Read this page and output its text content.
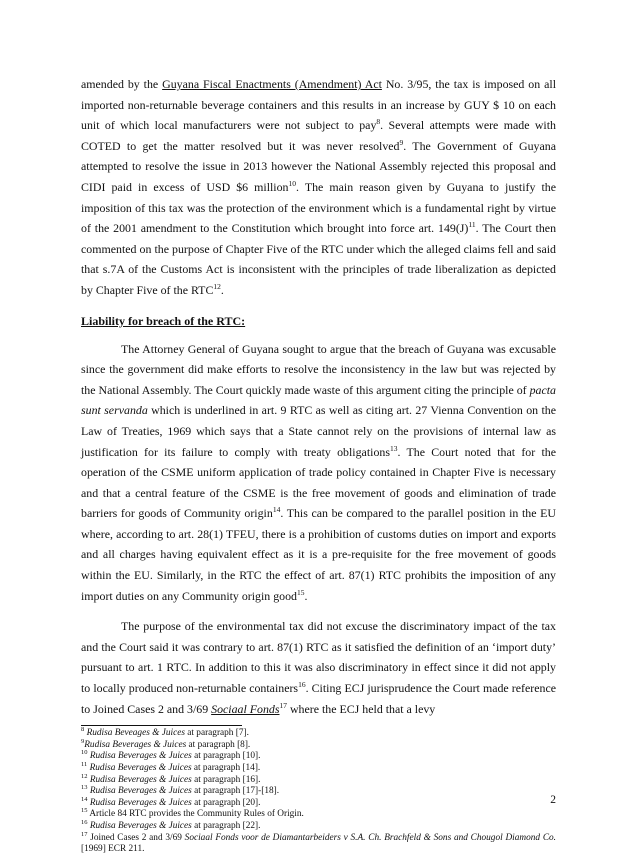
amended by the Guyana Fiscal Enactments (Amendment) Act No. 3/95, the tax is imposed on all imported non-returnable beverage containers and this results in an increase by GUY $ 10 on each unit of which local manufacturers were not subject to pay$^8$. Several attempts were made with COTED to get the matter resolved but it was never resolved$^9$. The Government of Guyana attempted to resolve the issue in 2013 however the National Assembly rejected this proposal and CIDI paid in excess of USD $6 million$^{10}$. The main reason given by Guyana to justify the imposition of this tax was the protection of the environment which is a fundamental right by virtue of the 2001 amendment to the Constitution which brought into force art. $149(J)^{11}$. The Court then commented on the purpose of Chapter Five of the RTC under which the alleged claims fell and said that s.7A of the Customs Act is inconsistent with the principles of trade liberalization as depicted by Chapter Five of the RTC$^{12}$.

Liability for breach of the RTC:

The Attorney General of Guyana sought to argue that the breach of Guyana was excusable since the government did make efforts to resolve the inconsistency in the law but was rejected by the National Assembly. The Court quickly made waste of this argument citing the principle of pacta sunt servanda which is underlined in art. 9 RTC as well as citing art. 27 Vienna Convention on the Law of Treaties, 1969 which says that a State cannot rely on the provisions of internal law as justification for its failure to comply with treaty obligations$^{13}$. The Court noted that for the operation of the CSME uniform application of trade policy contained in Chapter Five is necessary and that a central feature of the CSME is the free movement of goods and elimination of trade barriers for goods of Community origin$^{14}$. This can be compared to the parallel position in the EU where, according to art. 28(1) TFEU, there is a prohibition of customs duties on import and exports and all charges having equivalent effect as it is a pre-requisite for the free movement of goods within the EU. Similarly, in the RTC the effect of art. 87(1) RTC prohibits the imposition of any import duties on any Community origin good$^{15}$.

The purpose of the environmental tax did not excuse the discriminatory impact of the tax and the Court said it was contrary to art. 87(1) RTC as it satisfied the definition of an ‘import duty’ pursuant to art. 1 RTC. In addition to this it was also discriminatory in effect since it did not apply to locally produced non-returnable containers$^{16}$. Citing ECJ jurisprudence the Court made reference to Joined Cases 2 and 3/69 Sociaal Fonds$^{17}$ where the ECJ held that a levy

$^8$ Rudisa Beveages & Juices at paragraph [7].

$^9$Rudisa Beverages & Juices at paragraph [8].

$^{10}$ Rudisa Beverages & Juices at paragraph [10].

$^{11}$ Rudisa Beverages & Juices at paragraph [14].

$^{12}$ Rudisa Beverages & Juices at paragraph [16].

$^{13}$ Rudisa Beverages & Juices at paragraph [17]-[18].

$^{14}$ Rudisa Beverages & Juices at paragraph [20].

$^{15}$ Article 84 RTC provides the Community Rules of Origin.

$^{16}$ Rudisa Beverages & Juices at paragraph [22].

$^{17}$ Joined Cases 2 and 3/69 Sociaal Fonds voor de Diamantarbeiders v S.A. Ch. Brachfeld & Sons and Chougol Diamond Co. [1969] ECR 211.

2
